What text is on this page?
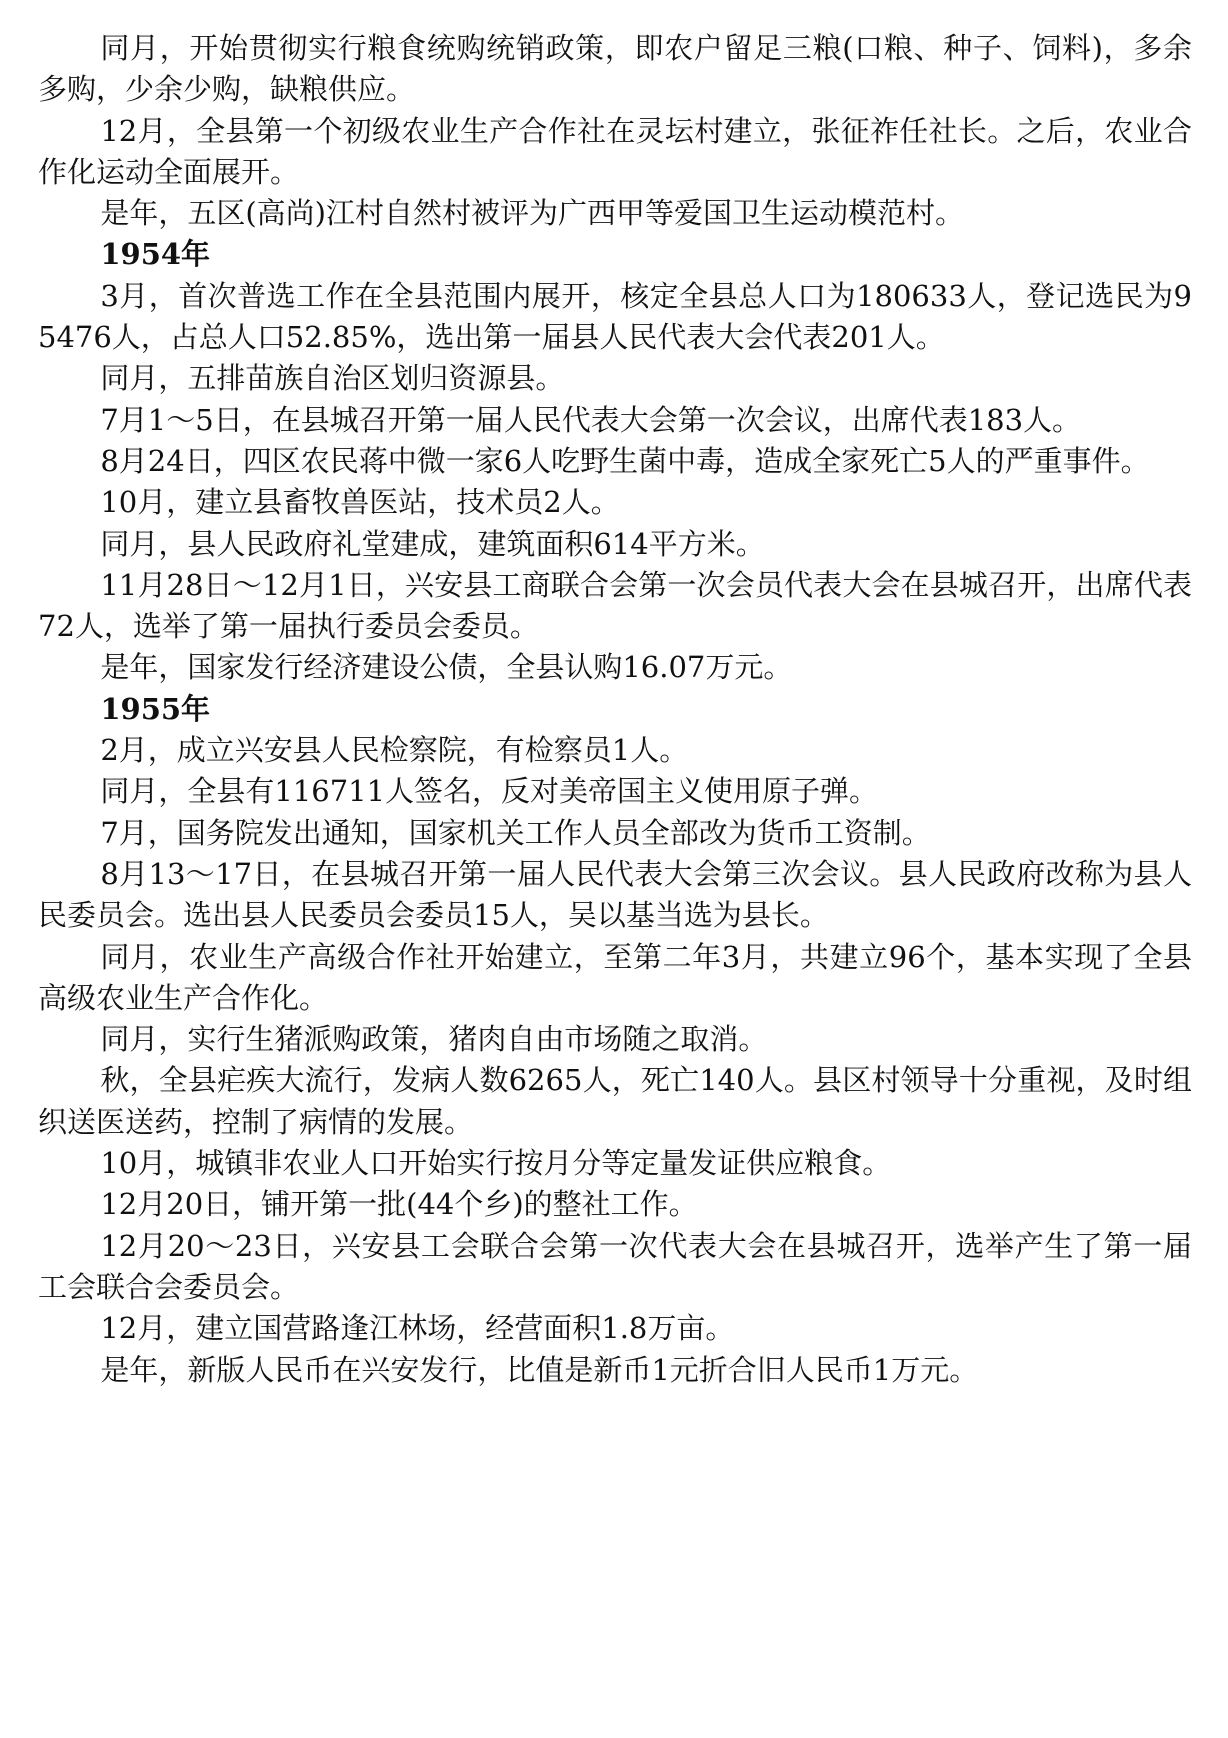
同月，开始贯彻实行粮食统购统销政策，即农户留足三粮(口粮、种子、饲料)，多余多购，少余少购，缺粮供应。

12月，全县第一个初级农业生产合作社在灵坛村建立，张征祚任社长。之后，农业合作化运动全面展开。

是年，五区(高尚)江村自然村被评为广西甲等爱国卫生运动模范村。

1954年

3月，首次普选工作在全县范围内展开，核定全县总人口为180633人，登记选民为95476人，占总人口52.85%，选出第一届县人民代表大会代表201人。

同月，五排苗族自治区划归资源县。

7月1～5日，在县城召开第一届人民代表大会第一次会议，出席代表183人。

8月24日，四区农民蒋中微一家6人吃野生菌中毒，造成全家死亡5人的严重事件。

10月，建立县畜牧兽医站，技术员2人。

同月，县人民政府礼堂建成，建筑面积614平方米。

11月28日～12月1日，兴安县工商联合会第一次会员代表大会在县城召开，出席代表72人，选举了第一届执行委员会委员。

是年，国家发行经济建设公债，全县认购16.07万元。

1955年

2月，成立兴安县人民检察院，有检察员1人。

同月，全县有116711人签名，反对美帝国主义使用原子弹。

7月，国务院发出通知，国家机关工作人员全部改为货币工资制。

8月13～17日，在县城召开第一届人民代表大会第三次会议。县人民政府改称为县人民委员会。选出县人民委员会委员15人，吴以基当选为县长。

同月，农业生产高级合作社开始建立，至第二年3月，共建立96个，基本实现了全县高级农业生产合作化。

同月，实行生猪派购政策，猪肉自由市场随之取消。

秋，全县疟疾大流行，发病人数6265人，死亡140人。县区村领导十分重视，及时组织送医送药，控制了病情的发展。

10月，城镇非农业人口开始实行按月分等定量发证供应粮食。

12月20日，铺开第一批(44个乡)的整社工作。

12月20～23日，兴安县工会联合会第一次代表大会在县城召开，选举产生了第一届工会联合会委员会。

12月，建立国营路逢江林场，经营面积1.8万亩。

是年，新版人民币在兴安发行，比值是新币1元折合旧人民币1万元。
